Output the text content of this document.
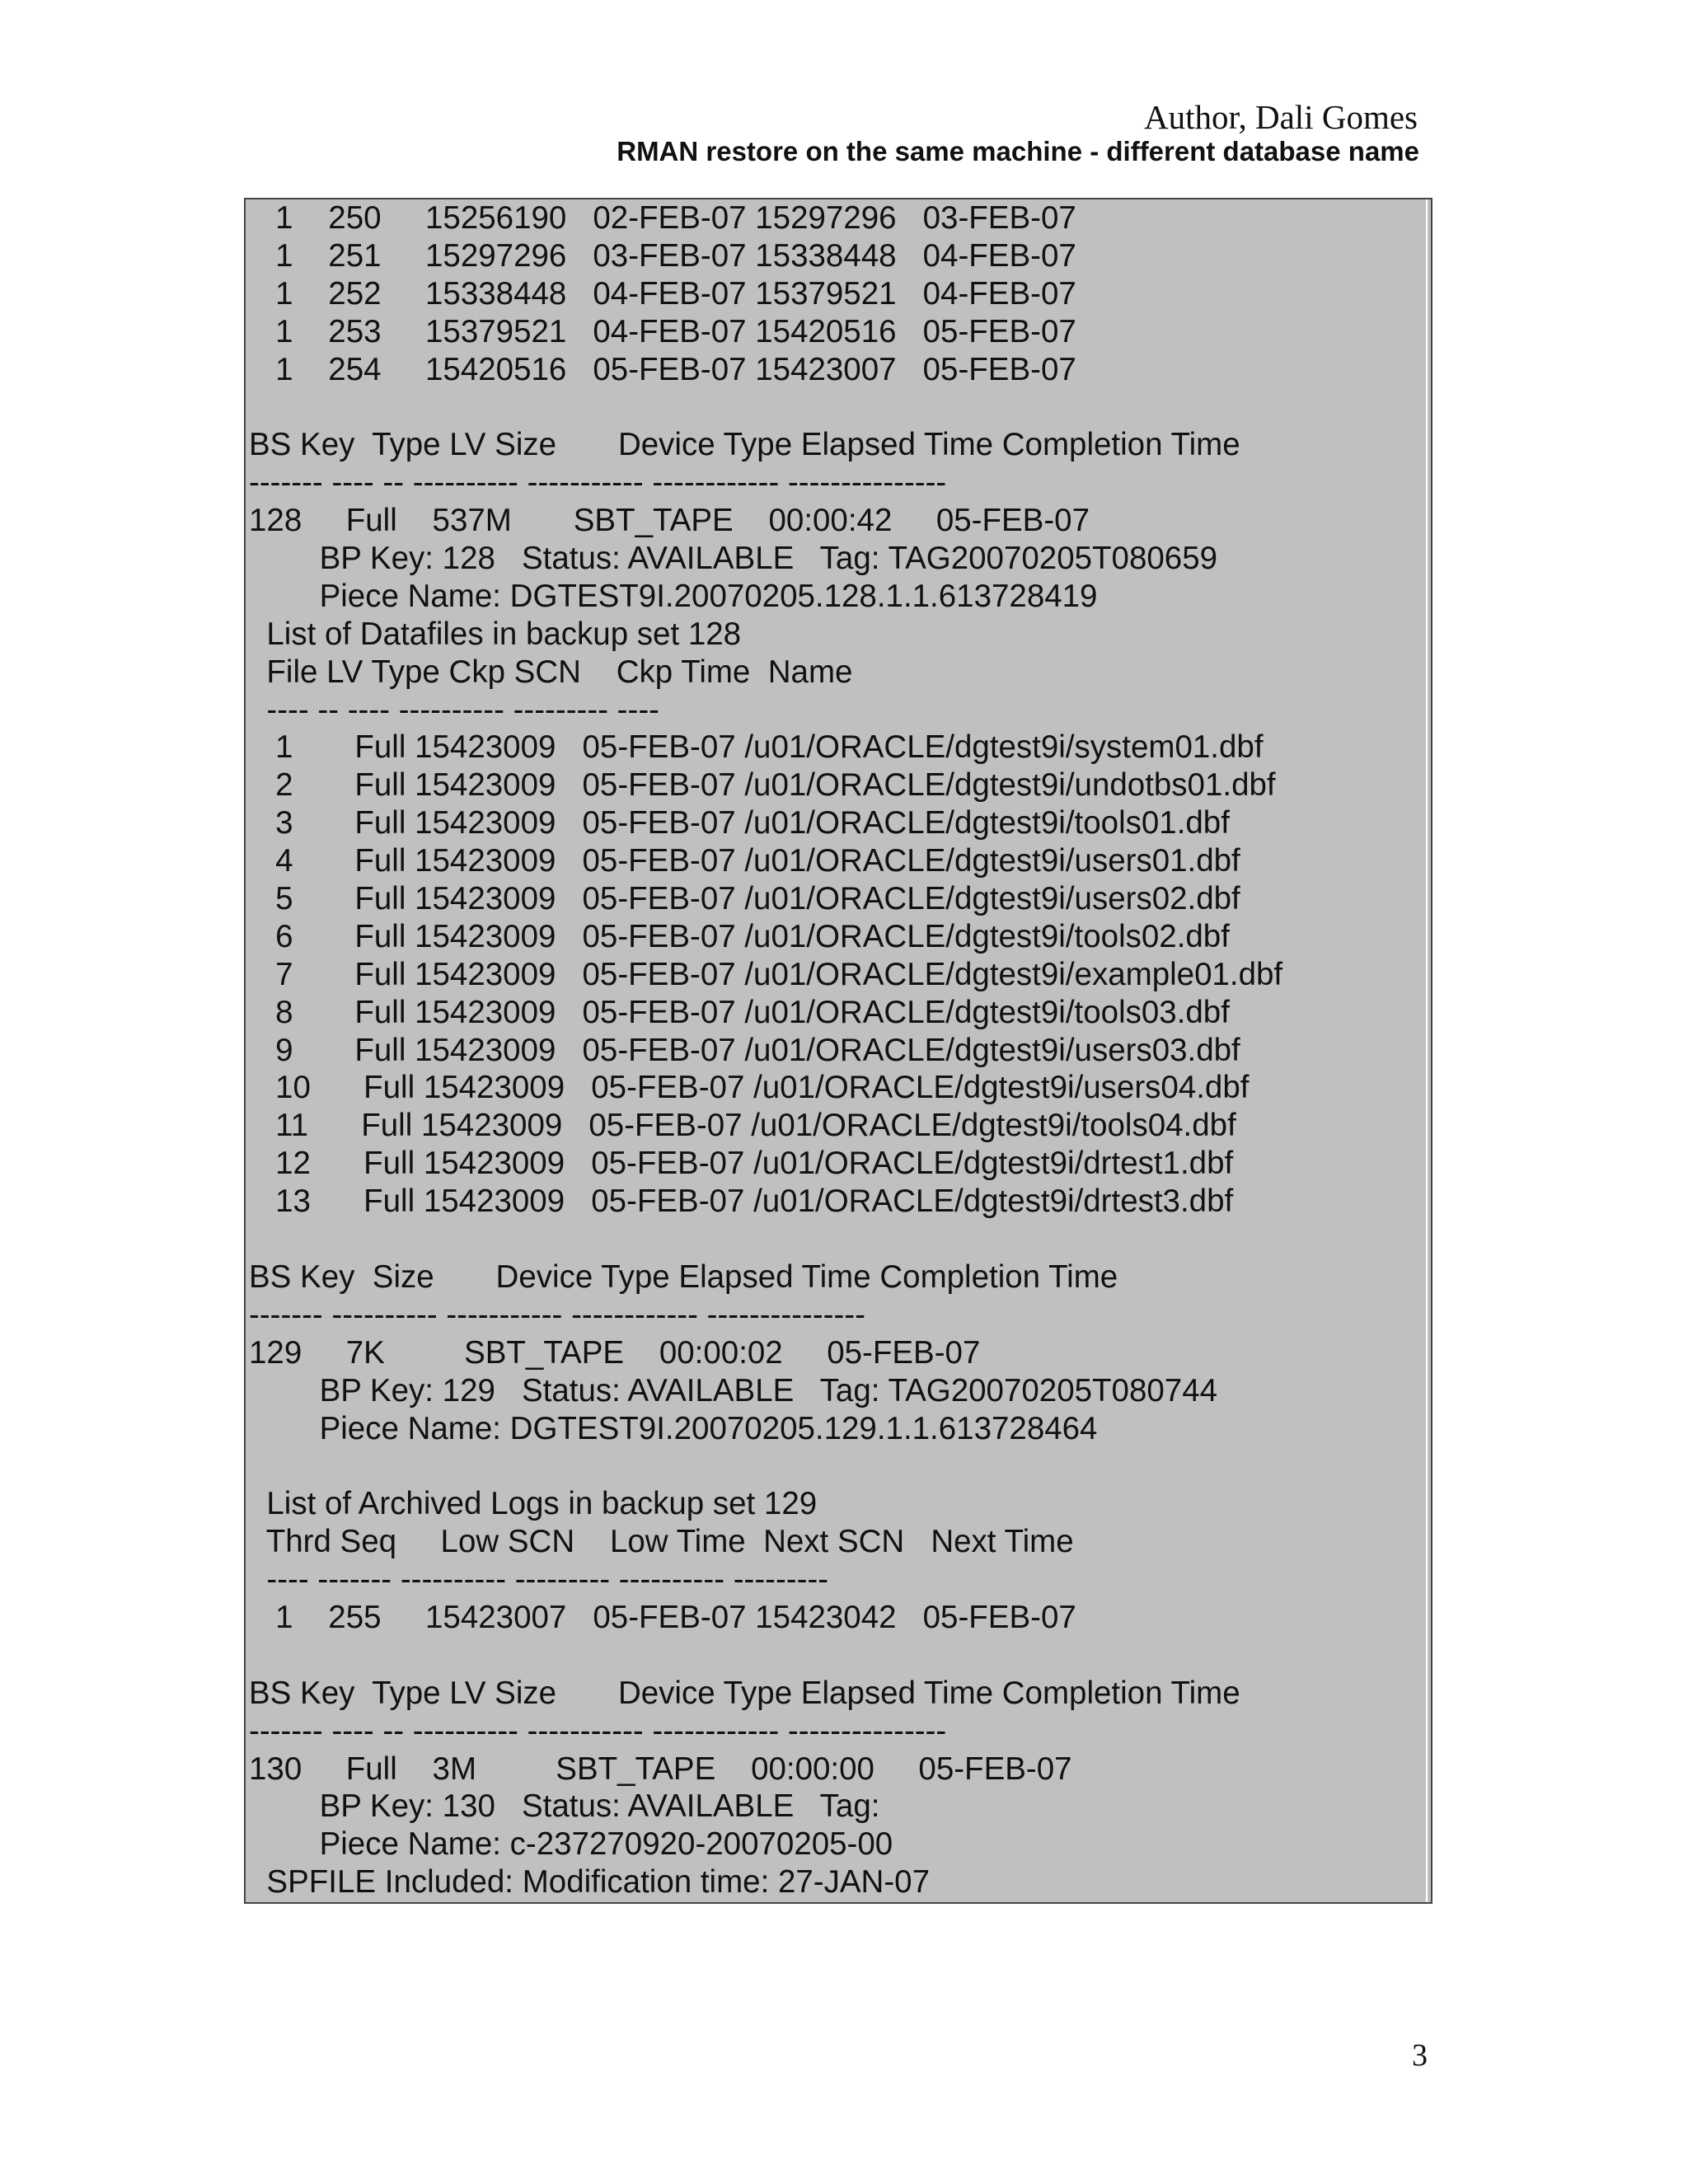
Author, Dali Gomes
RMAN restore on the same machine - different database name
1    250     15256190   02-FEB-07 15297296   03-FEB-07
1    251     15297296   03-FEB-07 15338448   04-FEB-07
1    252     15338448   04-FEB-07 15379521   04-FEB-07
1    253     15379521   04-FEB-07 15420516   05-FEB-07
1    254     15420516   05-FEB-07 15423007   05-FEB-07
BS Key  Type LV Size       Device Type Elapsed Time Completion Time
------- ---- -- ---------- ----------- ------------ ---------------
128     Full    537M       SBT_TAPE    00:00:42     05-FEB-07
BP Key: 128   Status: AVAILABLE   Tag: TAG20070205T080659
Piece Name: DGTEST9I.20070205.128.1.1.613728419
List of Datafiles in backup set 128
File LV Type Ckp SCN    Ckp Time  Name
---- -- ---- ---------- --------- ----
1       Full 15423009   05-FEB-07 /u01/ORACLE/dgtest9i/system01.dbf
2       Full 15423009   05-FEB-07 /u01/ORACLE/dgtest9i/undotbs01.dbf
3       Full 15423009   05-FEB-07 /u01/ORACLE/dgtest9i/tools01.dbf
4       Full 15423009   05-FEB-07 /u01/ORACLE/dgtest9i/users01.dbf
5       Full 15423009   05-FEB-07 /u01/ORACLE/dgtest9i/users02.dbf
6       Full 15423009   05-FEB-07 /u01/ORACLE/dgtest9i/tools02.dbf
7       Full 15423009   05-FEB-07 /u01/ORACLE/dgtest9i/example01.dbf
8       Full 15423009   05-FEB-07 /u01/ORACLE/dgtest9i/tools03.dbf
9       Full 15423009   05-FEB-07 /u01/ORACLE/dgtest9i/users03.dbf
10      Full 15423009   05-FEB-07 /u01/ORACLE/dgtest9i/users04.dbf
11      Full 15423009   05-FEB-07 /u01/ORACLE/dgtest9i/tools04.dbf
12      Full 15423009   05-FEB-07 /u01/ORACLE/dgtest9i/drtest1.dbf
13      Full 15423009   05-FEB-07 /u01/ORACLE/dgtest9i/drtest3.dbf
BS Key  Size       Device Type Elapsed Time Completion Time
------- ---------- ----------- ------------ ---------------
129     7K         SBT_TAPE    00:00:02     05-FEB-07
BP Key: 129   Status: AVAILABLE   Tag: TAG20070205T080744
Piece Name: DGTEST9I.20070205.129.1.1.613728464
List of Archived Logs in backup set 129
Thrd Seq     Low SCN    Low Time  Next SCN   Next Time
---- ------- ---------- --------- ---------- ---------
1    255     15423007   05-FEB-07 15423042   05-FEB-07
BS Key  Type LV Size       Device Type Elapsed Time Completion Time
------- ---- -- ---------- ----------- ------------ ---------------
130     Full    3M         SBT_TAPE    00:00:00     05-FEB-07
BP Key: 130   Status: AVAILABLE   Tag:
Piece Name: c-237270920-20070205-00
SPFILE Included: Modification time: 27-JAN-07
3
